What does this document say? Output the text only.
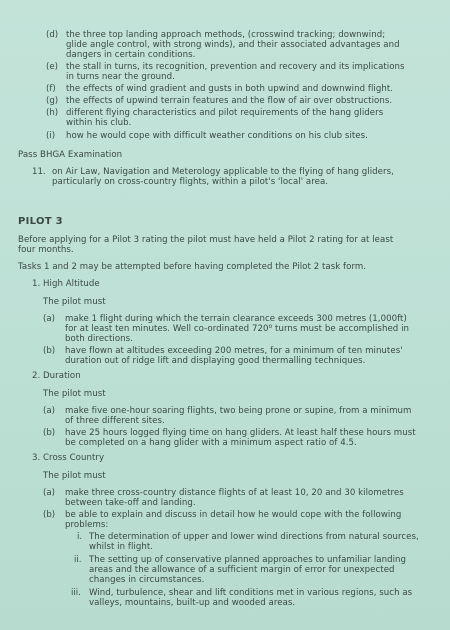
(d) the three top landing approach methods, (crosswind tracking; downwind;
glide angle control, with strong winds), and their associated advantages and
dangers in certain conditions.
(e) the stall in turns, its recognition, prevention and recovery and its implications
in turns near the ground.
(f) the effects of wind gradient and gusts in both upwind and downwind flight.
(g) the effects of upwind terrain features and the flow of air over obstructions.
(h) different flying characteristics and pilot requirements of the hang gliders
within his club.
(i) how he would cope with difficult weather conditions on his club sites.
Pass BHGA Examination
11. on Air Law, Navigation and Meterology applicable to the flying of hang gliders,
particularly on cross-country flights, within a pilot's 'local' area.
PILOT 3
Before applying for a Pilot 3 rating the pilot must have held a Pilot 2 rating for at least
four months.
Tasks 1 and 2 may be attempted before having completed the Pilot 2 task form.
1. High Altitude
The pilot must
(a) make 1 flight during which the terrain clearance exceeds 300 metres (1,000ft)
for at least ten minutes. Well co-ordinated 720$^o$ turns must be accomplished in
both directions.
(b) have flown at altitudes exceeding 200 metres, for a minimum of ten minutes'
duration out of ridge lift and displaying good thermalling techniques.
2. Duration
The pilot must
(a) make five one-hour soaring flights, two being prone or supine, from a minimum
of three different sites.
(b) have 25 hours logged flying time on hang gliders. At least half these hours must
be completed on a hang glider with a minimum aspect ratio of 4.5.
3. Cross Country
The pilot must
(a) make three cross-country distance flights of at least 10, 20 and 30 kilometres
between take-off and landing.
(b) be able to explain and discuss in detail how he would cope with the following
problems:
i. The determination of upper and lower wind directions from natural sources,
whilst in flight.
ii. The setting up of conservative planned approaches to unfamiliar landing
areas and the allowance of a sufficient margin of error for unexpected
changes in circumstances.
iii. Wind, turbulence, shear and lift conditions met in various regions, such as
valleys, mountains, built-up and wooded areas.
